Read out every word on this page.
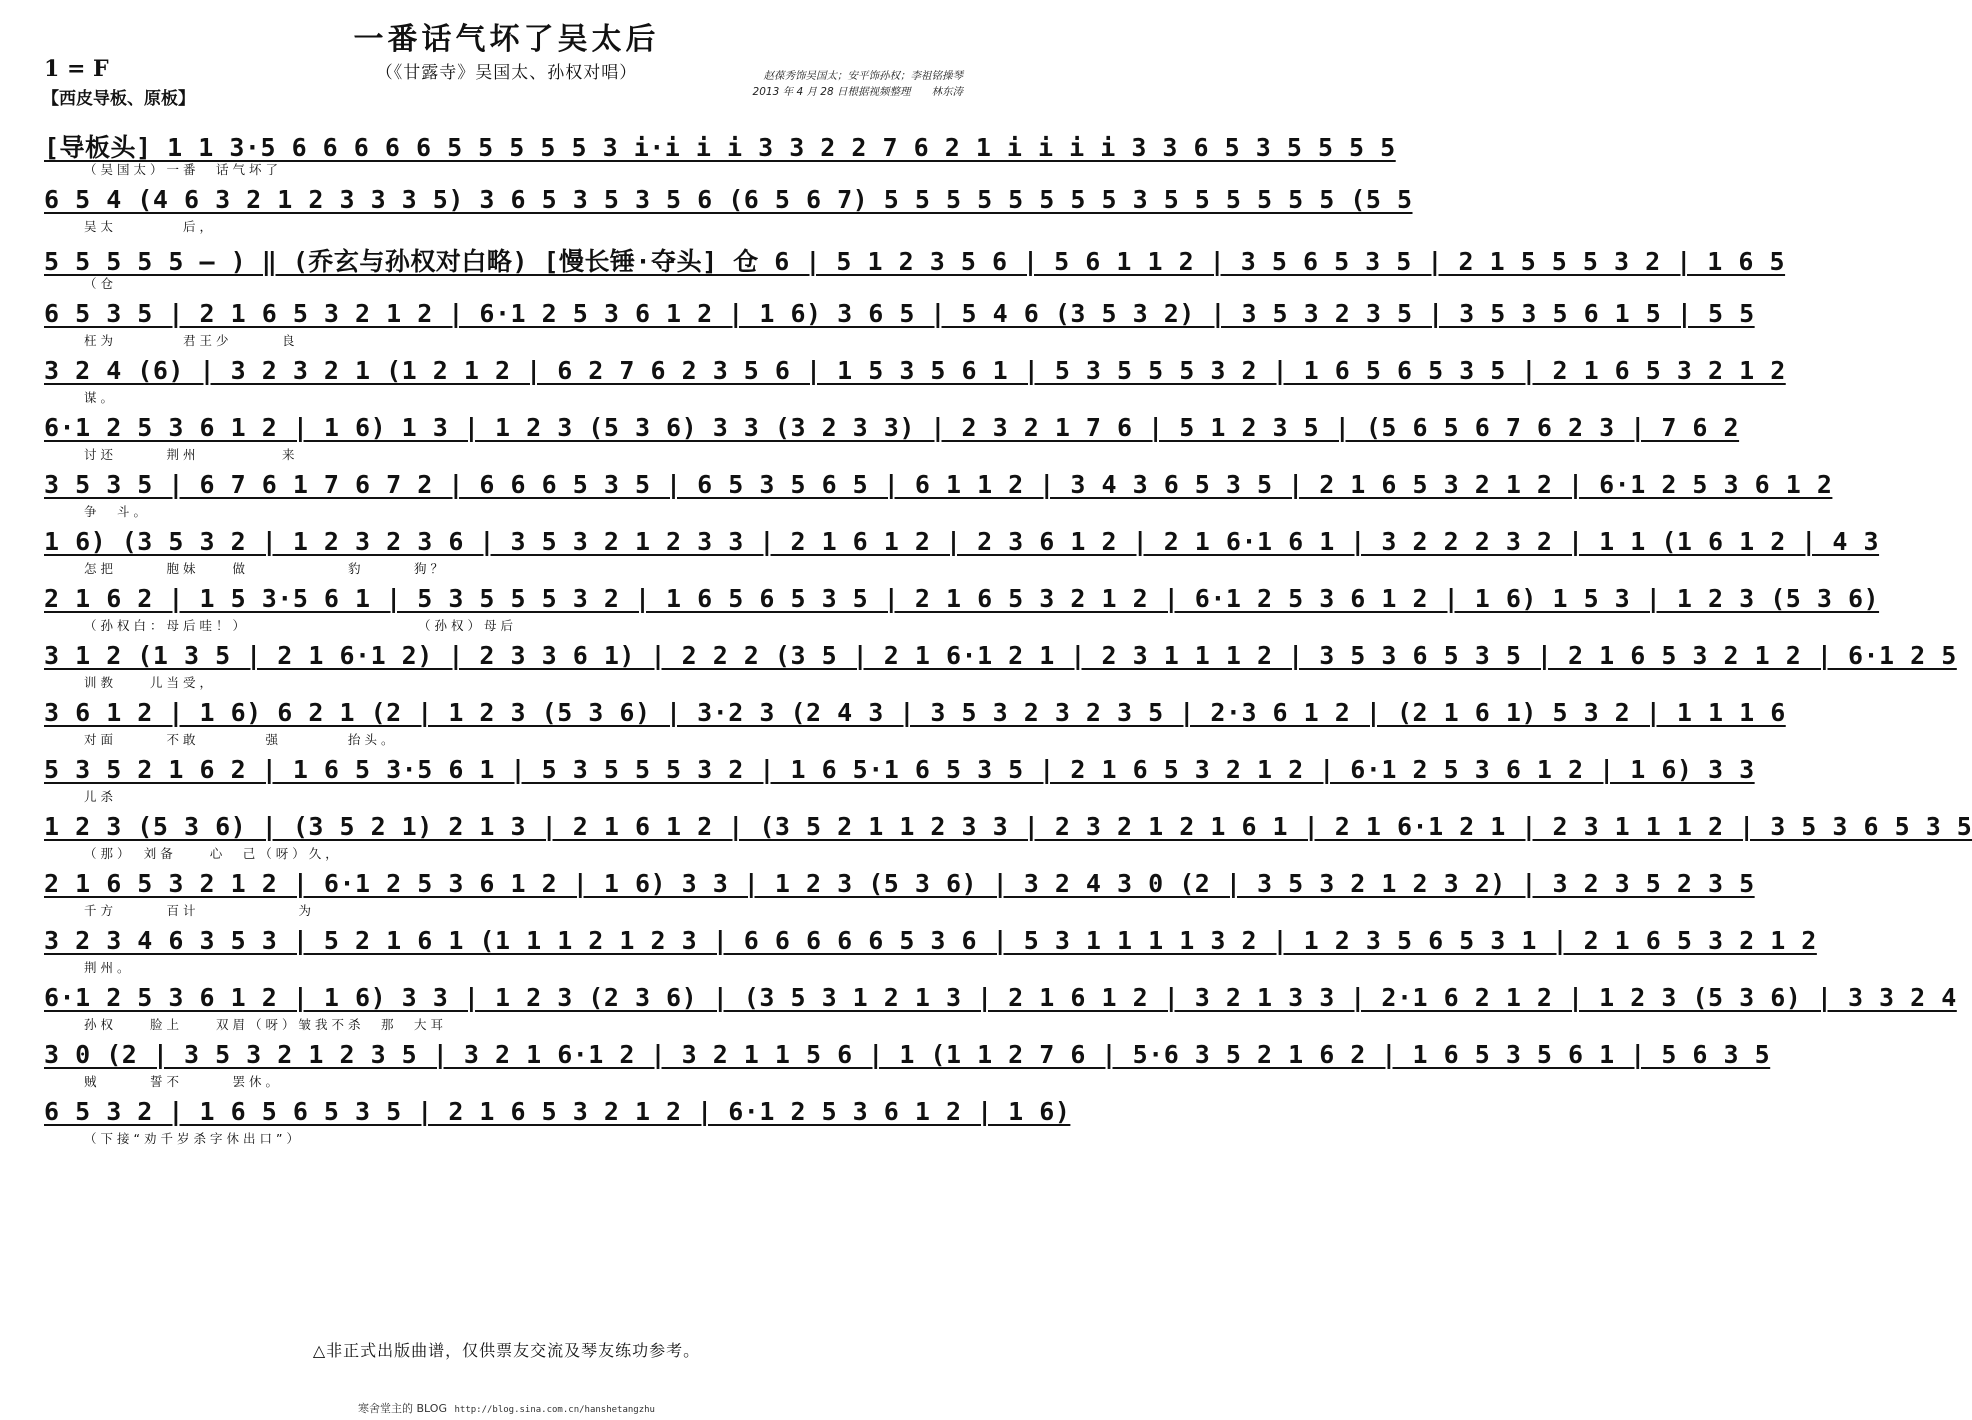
一番话气坏了吴太后
（《甘露寺》吴国太、孙权对唱）
1 = F
【西皮导板、原板】
赵葆秀饰吴国太；安平饰孙权；李祖铭操琴
2013 年 4 月 28 日根据视频整理　　林东涛
[导板头] 1 1 3·5 6 6 6 6 6 5 5 5 5 5 3 i·i i i 3 3 2 2 7 6 2 1 i i i i 3 3 6 5 3 5 5 5 5
（吴国太）一番　话气坏了
6 5 4 (4 6 3 2 1 2 3 3 3 5) 3 6 5 3 5 3 5 6 (6 5 6 7) 5 5 5 5 5 5 5 5 3 5 5 5 5 5 5 (5 5
吴太　　　　后，
5 5 5 5 5 — ) ‖ (乔玄与孙权对白略) [慢长锤·夺头] 仓 6 | 5 1 2 3 5 6 | 5 6 1 1 2 | 3 5 6 5 3 5 | 2 1 5 5 5 3 2 | 1 6 5
（仓
6 5 3 5 | 2 1 6 5 3 2 1 2 | 6·1 2 5 3 6 1 2 | 1 6) 3 6 5 | 5 4 6 (3 5 3 2) | 3 5 3 2 3 5 | 3 5 3 5 6 1 5 | 5 5
枉为　　　　君王少　　　良
3 2 4 (6) | 3 2 3 2 1 (1 2 1 2 | 6 2 7 6 2 3 5 6 | 1 5 3 5 6 1 | 5 3 5 5 5 3 2 | 1 6 5 6 5 3 5 | 2 1 6 5 3 2 1 2
谋。
6·1 2 5 3 6 1 2 | 1 6) 1 3 | 1 2 3 (5 3 6) 3 3 (3 2 3 3) | 2 3 2 1 7 6 | 5 1 2 3 5 | (5 6 5 6 7 6 2 3 | 7 6 2
讨还　　　荆州　　　　　来
3 5 3 5 | 6 7 6 1 7 6 7 2 | 6 6 6 5 3 5 | 6 5 3 5 6 5 | 6 1 1 2 | 3 4 3 6 5 3 5 | 2 1 6 5 3 2 1 2 | 6·1 2 5 3 6 1 2
争　斗。
1 6) (3 5 3 2 | 1 2 3 2 3 6 | 3 5 3 2 1 2 3 3 | 2 1 6 1 2 | 2 3 6 1 2 | 2 1 6·1 6 1 | 3 2 2 2 3 2 | 1 1 (1 6 1 2 | 4 3
怎把　　　胞妹　　做　　　　　　豹　　　狗？
2 1 6 2 | 1 5 3·5 6 1 | 5 3 5 5 5 3 2 | 1 6 5 6 5 3 5 | 2 1 6 5 3 2 1 2 | 6·1 2 5 3 6 1 2 | 1 6) 1 5 3 | 1 2 3 (5 3 6)
（孙权白：母后哇！）　　　　　　　　　　　（孙权）母后
3 1 2 (1 3 5 | 2 1 6·1 2) | 2 3 3 6 1) | 2 2 2 (3 5 | 2 1 6·1 2 1 | 2 3 1 1 1 2 | 3 5 3 6 5 3 5 | 2 1 6 5 3 2 1 2 | 6·1 2 5
训教　　儿当受，
3 6 1 2 | 1 6) 6 2 1 (2 | 1 2 3 (5 3 6) | 3·2 3 (2 4 3 | 3 5 3 2 3 2 3 5 | 2·3 6 1 2 | (2 1 6 1) 5 3 2 | 1 1 1 6
对面　　　不敢　　　　强　　　　抬头。
5 3 5 2 1 6 2 | 1 6 5 3·5 6 1 | 5 3 5 5 5 3 2 | 1 6 5·1 6 5 3 5 | 2 1 6 5 3 2 1 2 | 6·1 2 5 3 6 1 2 | 1 6) 3 3
儿杀
1 2 3 (5 3 6) | (3 5 2 1) 2 1 3 | 2 1 6 1 2 | (3 5 2 1 1 2 3 3 | 2 3 2 1 2 1 6 1 | 2 1 6·1 2 1 | 2 3 1 1 1 2 | 3 5 3 6 5 3 5
（那）　刘备　　心　己（呀）久，
2 1 6 5 3 2 1 2 | 6·1 2 5 3 6 1 2 | 1 6) 3 3 | 1 2 3 (5 3 6) | 3 2 4 3 0 (2 | 3 5 3 2 1 2 3 2) | 3 2 3 5 2 3 5
千方　　　百计　　　　　　为
3 2 3 4 6 3 5 3 | 5 2 1 6 1 (1 1 1 2 1 2 3 | 6 6 6 6 6 5 3 6 | 5 3 1 1 1 1 3 2 | 1 2 3 5 6 5 3 1 | 2 1 6 5 3 2 1 2
荆州。
6·1 2 5 3 6 1 2 | 1 6) 3 3 | 1 2 3 (2 3 6) | (3 5 3 1 2 1 3 | 2 1 6 1 2 | 3 2 1 3 3 | 2·1 6 2 1 2 | 1 2 3 (5 3 6) | 3 3 2 4
孙权　　脸上　　双眉（呀）皱我不杀　那　大耳
3 0 (2 | 3 5 3 2 1 2 3 5 | 3 2 1 6·1 2 | 3 2 1 1 5 6 | 1 (1 1 2 7 6 | 5·6 3 5 2 1 6 2 | 1 6 5 3 5 6 1 | 5 6 3 5
贼　　　誓不　　　罢休。
6 5 3 2 | 1 6 5 6 5 3 5 | 2 1 6 5 3 2 1 2 | 6·1 2 5 3 6 1 2 | 1 6)
（下接“劝千岁杀字休出口”）
△非正式出版曲谱，仅供票友交流及琴友练功参考。
寒舍堂主的 BLOG http://blog.sina.com.cn/hanshetangzhu
